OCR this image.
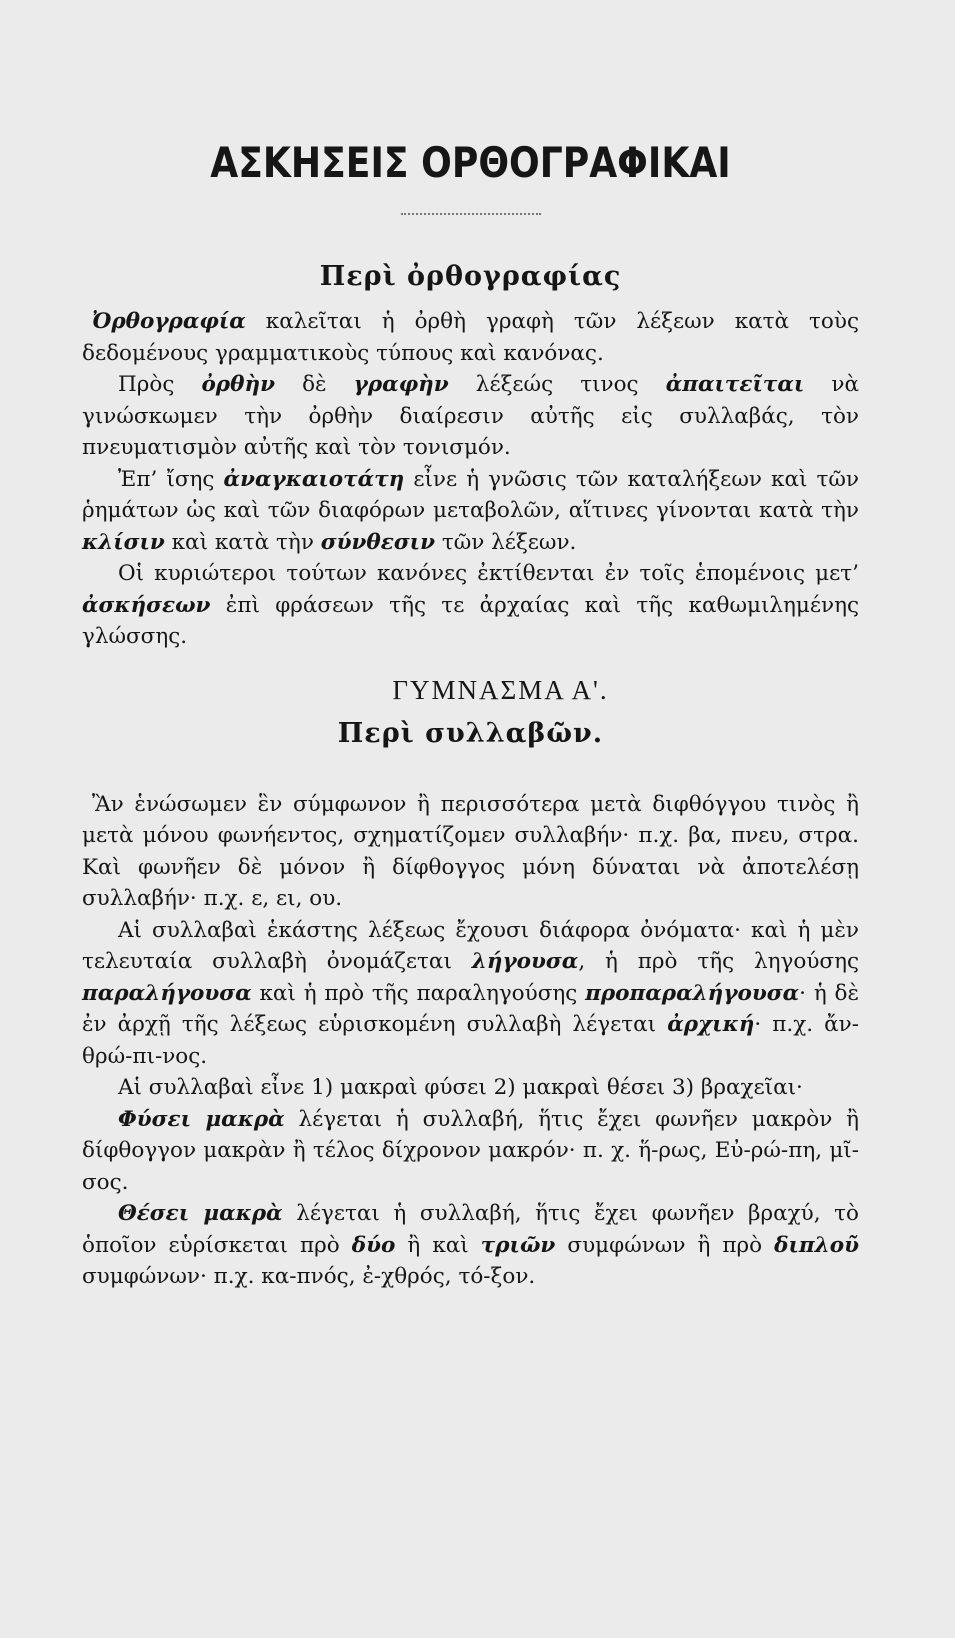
ΑΣΚΗΣΕΙΣ ΟΡΘΟΓΡΑΦΙΚΑΙ
Περὶ ὀρθογραφίας

Ὀρθογραφία καλεῖται ἡ ὀρθὴ γραφὴ τῶν λέξεων κατὰ τοὺς δεδομένους γραμματικοὺς τύπους καὶ κανόνας.

Πρὸς ὀρθὴν δὲ γραφὴν λέξεώς τινος ἀπαιτεῖται νὰ γινώσκωμεν τὴν ὀρθὴν διαίρεσιν αὐτῆς εἰς συλλαβάς, τὸν πνευματισμὸν αὐτῆς καὶ τὸν τονισμόν.

Ἐπ’ ἴσης ἀναγκαιοτάτη εἶνε ἡ γνῶσις τῶν καταλήξεων καὶ τῶν ῥημάτων ὡς καὶ τῶν διαφόρων μεταβολῶν, αἵτινες γίνονται κατὰ τὴν κλίσιν καὶ κατὰ τὴν σύνθεσιν τῶν λέξεων.

Οἱ κυριώτεροι τούτων κανόνες ἐκτίθενται ἐν τοῖς ἑπομένοις μετ’ ἀσκήσεων ἐπὶ φράσεων τῆς τε ἀρχαίας καὶ τῆς καθωμιλημένης γλώσσης.

ΓΥΜΝΑΣΜΑ Α'.
Περὶ συλλαβῶν.

Ἂν ἑνώσωμεν ἓν σύμφωνον ἢ περισσότερα μετὰ διφθόγγου τινὸς ἢ μετὰ μόνου φωνήεντος, σχηματίζομεν συλλαβήν· π.χ. βα, πνευ, στρα. Καὶ φωνῆεν δὲ μόνον ἢ δίφθογγος μόνη δύναται νὰ ἀποτελέσῃ συλλαβήν· π.χ. ε, ει, ου.

Αἱ συλλαβαὶ ἑκάστης λέξεως ἔχουσι διάφορα ὀνόματα· καὶ ἡ μὲν τελευταία συλλαβὴ ὀνομάζεται λήγουσα, ἡ πρὸ τῆς ληγούσης παραλήγουσα καὶ ἡ πρὸ τῆς παραληγούσης προπαραλήγουσα· ἡ δὲ ἐν ἀρχῇ τῆς λέξεως εὑρισκομένη συλλαβὴ λέγεται ἀρχική· π.χ. ἄν-θρώ-πι-νος.

Αἱ συλλαβαὶ εἶνε 1) μακραὶ φύσει 2) μακραὶ θέσει 3) βραχεῖαι·

Φύσει μακρὰ λέγεται ἡ συλλαβή, ἥτις ἔχει φωνῆεν μακρὸν ἢ δίφθογγον μακρὰν ἢ τέλος δίχρονον μακρόν· π. χ. ἥ-ρως, Εὐ-ρώ-πη, μῖ-σος.

Θέσει μακρὰ λέγεται ἡ συλλαβή, ἥτις ἔχει φωνῆεν βραχύ, τὸ ὁποῖον εὑρίσκεται πρὸ δύο ἢ καὶ τριῶν συμφώνων ἢ πρὸ διπλοῦ συμφώνων· π.χ. κα-πνός, ἐ-χθρός, τό-ξον.
